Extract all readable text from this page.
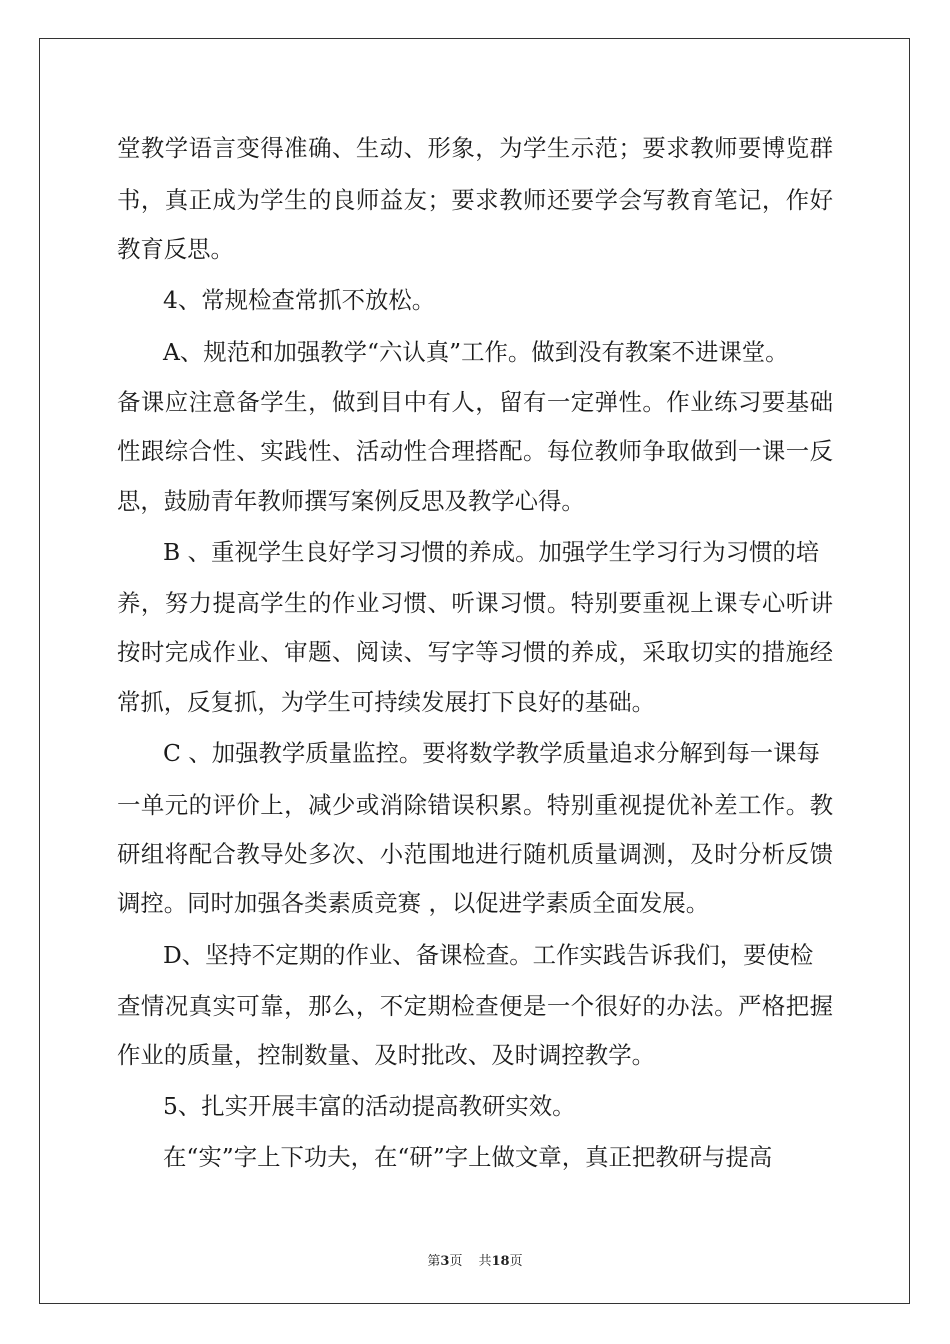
堂教学语言变得准确、生动、形象，为学生示范；要求教师要博览群
书，真正成为学生的良师益友；要求教师还要学会写教育笔记，作好
教育反思。
4、常规检查常抓不放松。
A、规范和加强教学“六认真”工作。做到没有教案不进课堂。
备课应注意备学生，做到目中有人，留有一定弹性。作业练习要基础
性跟综合性、实践性、活动性合理搭配。每位教师争取做到一课一反
思，鼓励青年教师撰写案例反思及教学心得。
B 、重视学生良好学习习惯的养成。加强学生学习行为习惯的培
养，努力提高学生的作业习惯、听课习惯。特别要重视上课专心听讲
按时完成作业、审题、阅读、写字等习惯的养成，采取切实的措施经
常抓，反复抓，为学生可持续发展打下良好的基础。
C 、加强教学质量监控。要将数学教学质量追求分解到每一课每
一单元的评价上，减少或消除错误积累。特别重视提优补差工作。教
研组将配合教导处多次、小范围地进行随机质量调测，及时分析反馈
调控。同时加强各类素质竞赛 ，以促进学素质全面发展。
D、坚持不定期的作业、备课检查。工作实践告诉我们，要使检
查情况真实可靠，那么，不定期检查便是一个很好的办法。严格把握
作业的质量，控制数量、及时批改、及时调控教学。
5、扎实开展丰富的活动提高教研实效。
在“实”字上下功夫，在“研”字上做文章，真正把教研与提高
第3页 共18页
